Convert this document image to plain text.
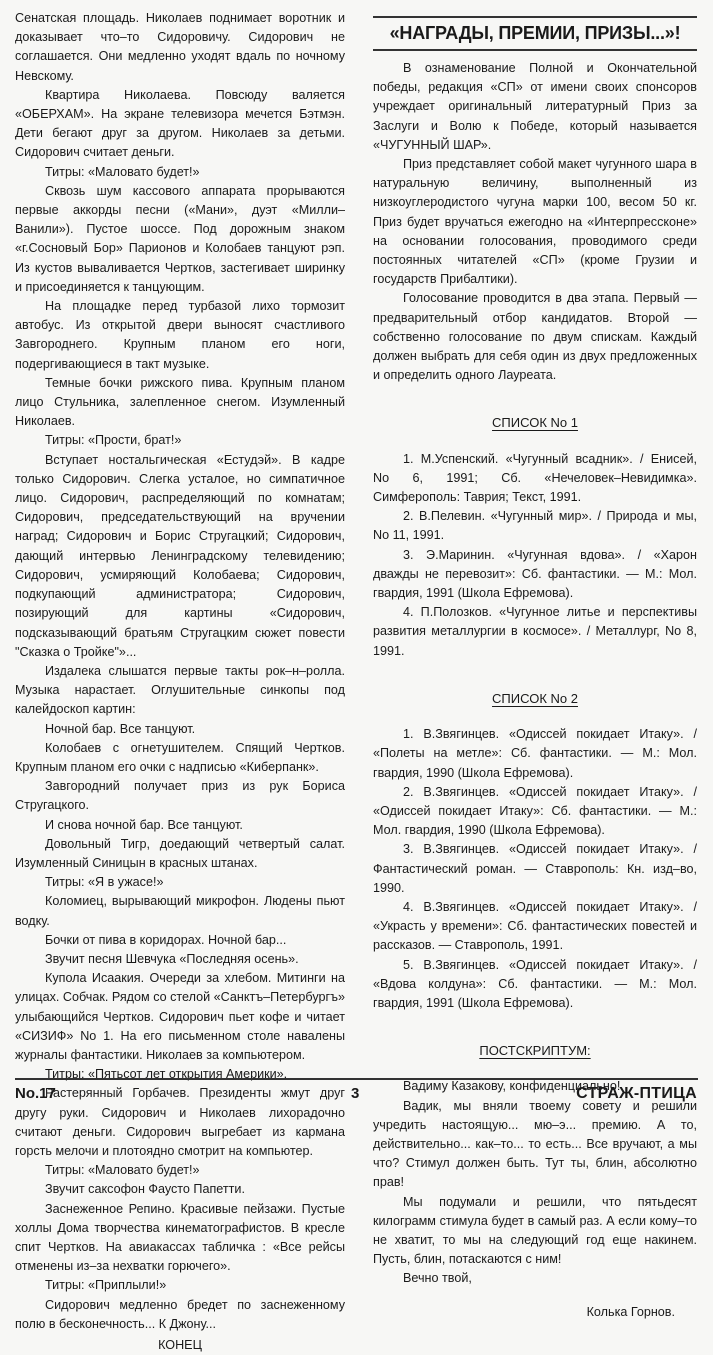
Сенатская площадь. Николаев поднимает воротник и доказывает что–то Сидоровичу. Сидорович не соглашается. Они медленно уходят вдаль по ночному Невскому.

Квартира Николаева. Повсюду валяется «ОБЕРХАМ». На экране телевизора мечется Бэтмэн. Дети бегают друг за другом. Николаев за детьми. Сидорович считает деньги.

Титры: «Маловато будет!»

Сквозь шум кассового аппарата прорываются первые аккорды песни («Мани», дуэт «Милли–Ванили»). Пустое шоссе. Под дорожным знаком «г.Сосновый Бор» Парионов и Колобаев танцуют рэп. Из кустов вываливается Чертков, застегивает ширинку и присоединяется к танцующим.

На площадке перед турбазой лихо тормозит автобус. Из открытой двери выносят счастливого Завгороднего. Крупным планом его ноги, подергивающиеся в такт музыке.

Темные бочки рижского пива. Крупным планом лицо Стульника, залепленное снегом. Изумленный Николаев.

Титры: «Прости, брат!»

Вступает ностальгическая «Естудэй». В кадре только Сидорович. Слегка усталое, но симпатичное лицо. Сидорович, распределяющий по комнатам; Сидорович, председательствующий на вручении наград; Сидорович и Борис Стругацкий; Сидорович, дающий интервью Ленинградскому телевидению; Сидорович, усмиряющий Колобаева; Сидорович, подкупающий администратора; Сидорович, позирующий для картины «Сидорович, подсказывающий братьям Стругацким сюжет повести "Сказка о Тройке"»...

Издалека слышатся первые такты рок–н–ролла. Музыка нарастает. Оглушительные синкопы под калейдоскоп картин:

Ночной бар. Все танцуют.

Колобаев с огнетушителем. Спящий Чертков. Крупным планом его очки с надписью «Киберпанк».

Завгородний получает приз из рук Бориса Стругацкого.

И снова ночной бар. Все танцуют.

Довольный Тигр, доедающий четвертый салат. Изумленный Синицын в красных штанах.

Титры: «Я в ужасе!»

Коломиец, вырывающий микрофон. Людены пьют водку.

Бочки от пива в коридорах. Ночной бар...

Звучит песня Шевчука «Последняя осень».

Купола Исаакия. Очереди за хлебом. Митинги на улицах. Собчак. Рядом со стелой «Санктъ–Петербургъ» улыбающийся Чертков. Сидорович пьет кофе и читает «СИЗИФ» No 1. На его письменном столе навалены журналы фантастики. Николаев за компьютером.

Титры: «Пятьсот лет открытия Америки».

Растерянный Горбачев. Президенты жмут друг другу руки. Сидорович и Николаев лихорадочно считают деньги. Сидорович выгребает из кармана горсть мелочи и плотоядно смотрит на компьютер.

Титры: «Маловато будет!»

Звучит саксофон Фаусто Папетти.

Заснеженное Репино. Красивые пейзажи. Пустые холлы Дома творчества кинематографистов. В кресле спит Чертков. На авиакассах табличка : «Все рейсы отменены из–за нехватки горючего».

Титры: «Приплыли!»

Сидорович медленно бредет по заснеженному полю в бесконечность... К Джону...

КОНЕЦ

«НАГРАДЫ, ПРЕМИИ, ПРИЗЫ...»!

В ознаменование Полной и Окончательной победы, редакция «СП» от имени своих спонсоров учреждает оригинальный литературный Приз за Заслуги и Волю к Победе, который называется «ЧУГУННЫЙ ШАР».

Приз представляет собой макет чугунного шара в натуральную величину, выполненный из низкоуглеродистого чугуна марки 100, весом 50 кг. Приз будет вручаться ежегодно на «Интерпрессконе» на основании голосования, проводимого среди постоянных читателей «СП» (кроме Грузии и государств Прибалтики).

Голосование проводится в два этапа. Первый — предварительный отбор кандидатов. Второй — собственно голосование по двум спискам. Каждый должен выбрать для себя один из двух предложенных и определить одного Лауреата.

СПИСОК No 1

1. М.Успенский. «Чугунный всадник». / Енисей, No 6, 1991; Сб. «Нечеловек–Невидимка». Симферополь: Таврия; Текст, 1991.

2. В.Пелевин. «Чугунный мир». / Природа и мы, No 11, 1991.

3. Э.Маринин. «Чугунная вдова». / «Харон дважды не перевозит»: Сб. фантастики. — М.: Мол. гвардия, 1991 (Школа Ефремова).

4. П.Полозков. «Чугунное литье и перспективы развития металлургии в космосе». / Металлург, No 8, 1991.

СПИСОК No 2

1. В.Звягинцев. «Одиссей покидает Итаку». / «Полеты на метле»: Сб. фантастики. — М.: Мол. гвардия, 1990 (Школа Ефремова).

2. В.Звягинцев. «Одиссей покидает Итаку». / «Одиссей покидает Итаку»: Сб. фантастики. — М.: Мол. гвардия, 1990 (Школа Ефремова).

3. В.Звягинцев. «Одиссей покидает Итаку». / Фантастический роман. — Ставрополь: Кн. изд–во, 1990.

4. В.Звягинцев. «Одиссей покидает Итаку». / «Украсть у времени»: Сб. фантастических повестей и рассказов. — Ставрополь, 1991.

5. В.Звягинцев. «Одиссей покидает Итаку». / «Вдова колдуна»: Сб. фантастики. — М.: Мол. гвардия, 1991 (Школа Ефремова).

ПОСТСКРИПТУМ:

Вадиму Казакову, конфиденциально!

Вадик, мы вняли твоему совету и решили учредить настоящую... мю–э... премию. А то, действительно... как–то... то есть... Все вручают, а мы что? Стимул должен быть. Тут ты, блин, абсолютно прав!

Мы подумали и решили, что пятьдесят килограмм стимула будет в самый раз. А если кому–то не хватит, то мы на следующий год еще накинем. Пусть, блин, потаскаются с ним!

Вечно твой,

Колька Горнов.

No.17	3	СТРАЖ-ПТИЦА
